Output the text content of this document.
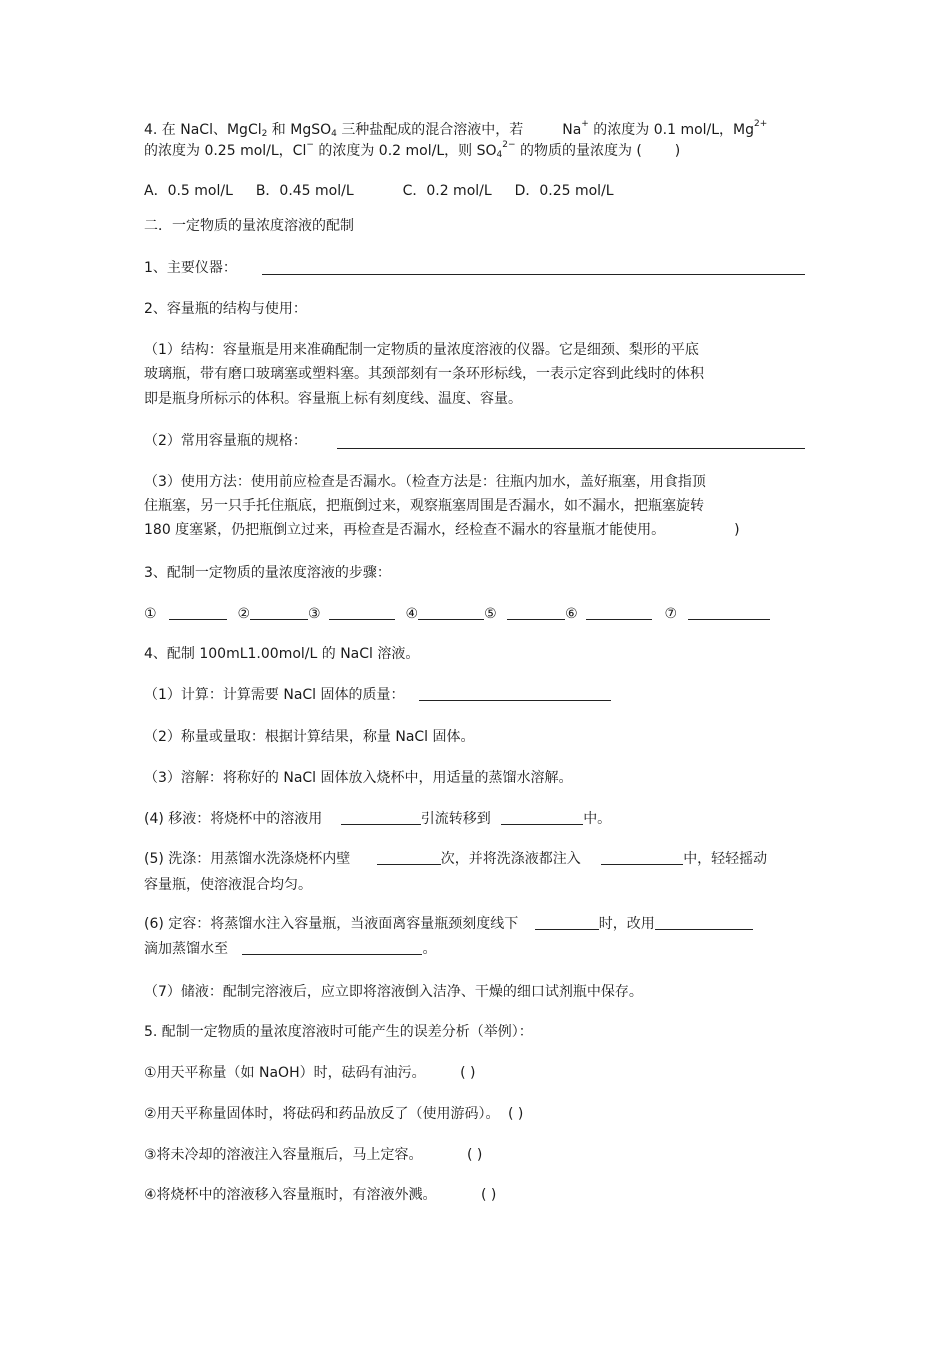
4. 在 NaCl、MgCl2 和 MgSO4 三种盐配成的混合溶液中，若	Na+ 的浓度为 0.1 mol/L，$Mg^{2+}$
的浓度为 0.25 mol/L，Cl− 的浓度为 0.2 mol/L，则 $SO4^{2-}$ 的物质的量浓度为 ( )
A．0.5 mol/L B．0.45 mol/L	C．0.2 mol/L D．0.25 mol/L
二．一定物质的量浓度溶液的配制
1、主要仪器：
2、容量瓶的结构与使用：
（1）结构：容量瓶是用来准确配制一定物质的量浓度溶液的仪器。它是细颈、梨形的平底
玻璃瓶，带有磨口玻璃塞或塑料塞。其颈部刻有一条环形标线，一表示定容到此线时的体积
即是瓶身所标示的体积。容量瓶上标有刻度线、温度、容量。
（2）常用容量瓶的规格：
（3）使用方法：使用前应检查是否漏水。（检查方法是：往瓶内加水，盖好瓶塞，用食指顶
住瓶塞，另一只手托住瓶底，把瓶倒过来，观察瓶塞周围是否漏水，如不漏水，把瓶塞旋转
180 度塞紧，仍把瓶倒立过来，再检查是否漏水，经检查不漏水的容量瓶才能使用。	)
3、配制一定物质的量浓度溶液的步骤：
①	②	③	④	⑤	⑥	⑦
4、配制 100mL1.00mol/L 的 NaCl 溶液。
（1）计算：计算需要 NaCl 固体的质量：
（2）称量或量取：根据计算结果，称量 NaCl 固体。
（3）溶解：将称好的 NaCl 固体放入烧杯中，用适量的蒸馏水溶解。
(4) 移液：将烧杯中的溶液用	引流转移到	中。
(5) 洗涤：用蒸馏水洗涤烧杯内壁	次，并将洗涤液都注入	中，轻轻摇动
容量瓶，使溶液混合均匀。
(6) 定容：将蒸馏水注入容量瓶，当液面离容量瓶颈刻度线下	时，改用
滴加蒸馏水至	。
（7）储液：配制完溶液后，应立即将溶液倒入洁净、干燥的细口试剂瓶中保存。
5. 配制一定物质的量浓度溶液时可能产生的误差分析（举例）：
①用天平称量（如 NaOH）时，砝码有油污。 ( )
②用天平称量固体时，将砝码和药品放反了（使用游码）。 ( )
③将未冷却的溶液注入容量瓶后，马上定容。	( )
④将烧杯中的溶液移入容量瓶时，有溶液外溅。	( )
